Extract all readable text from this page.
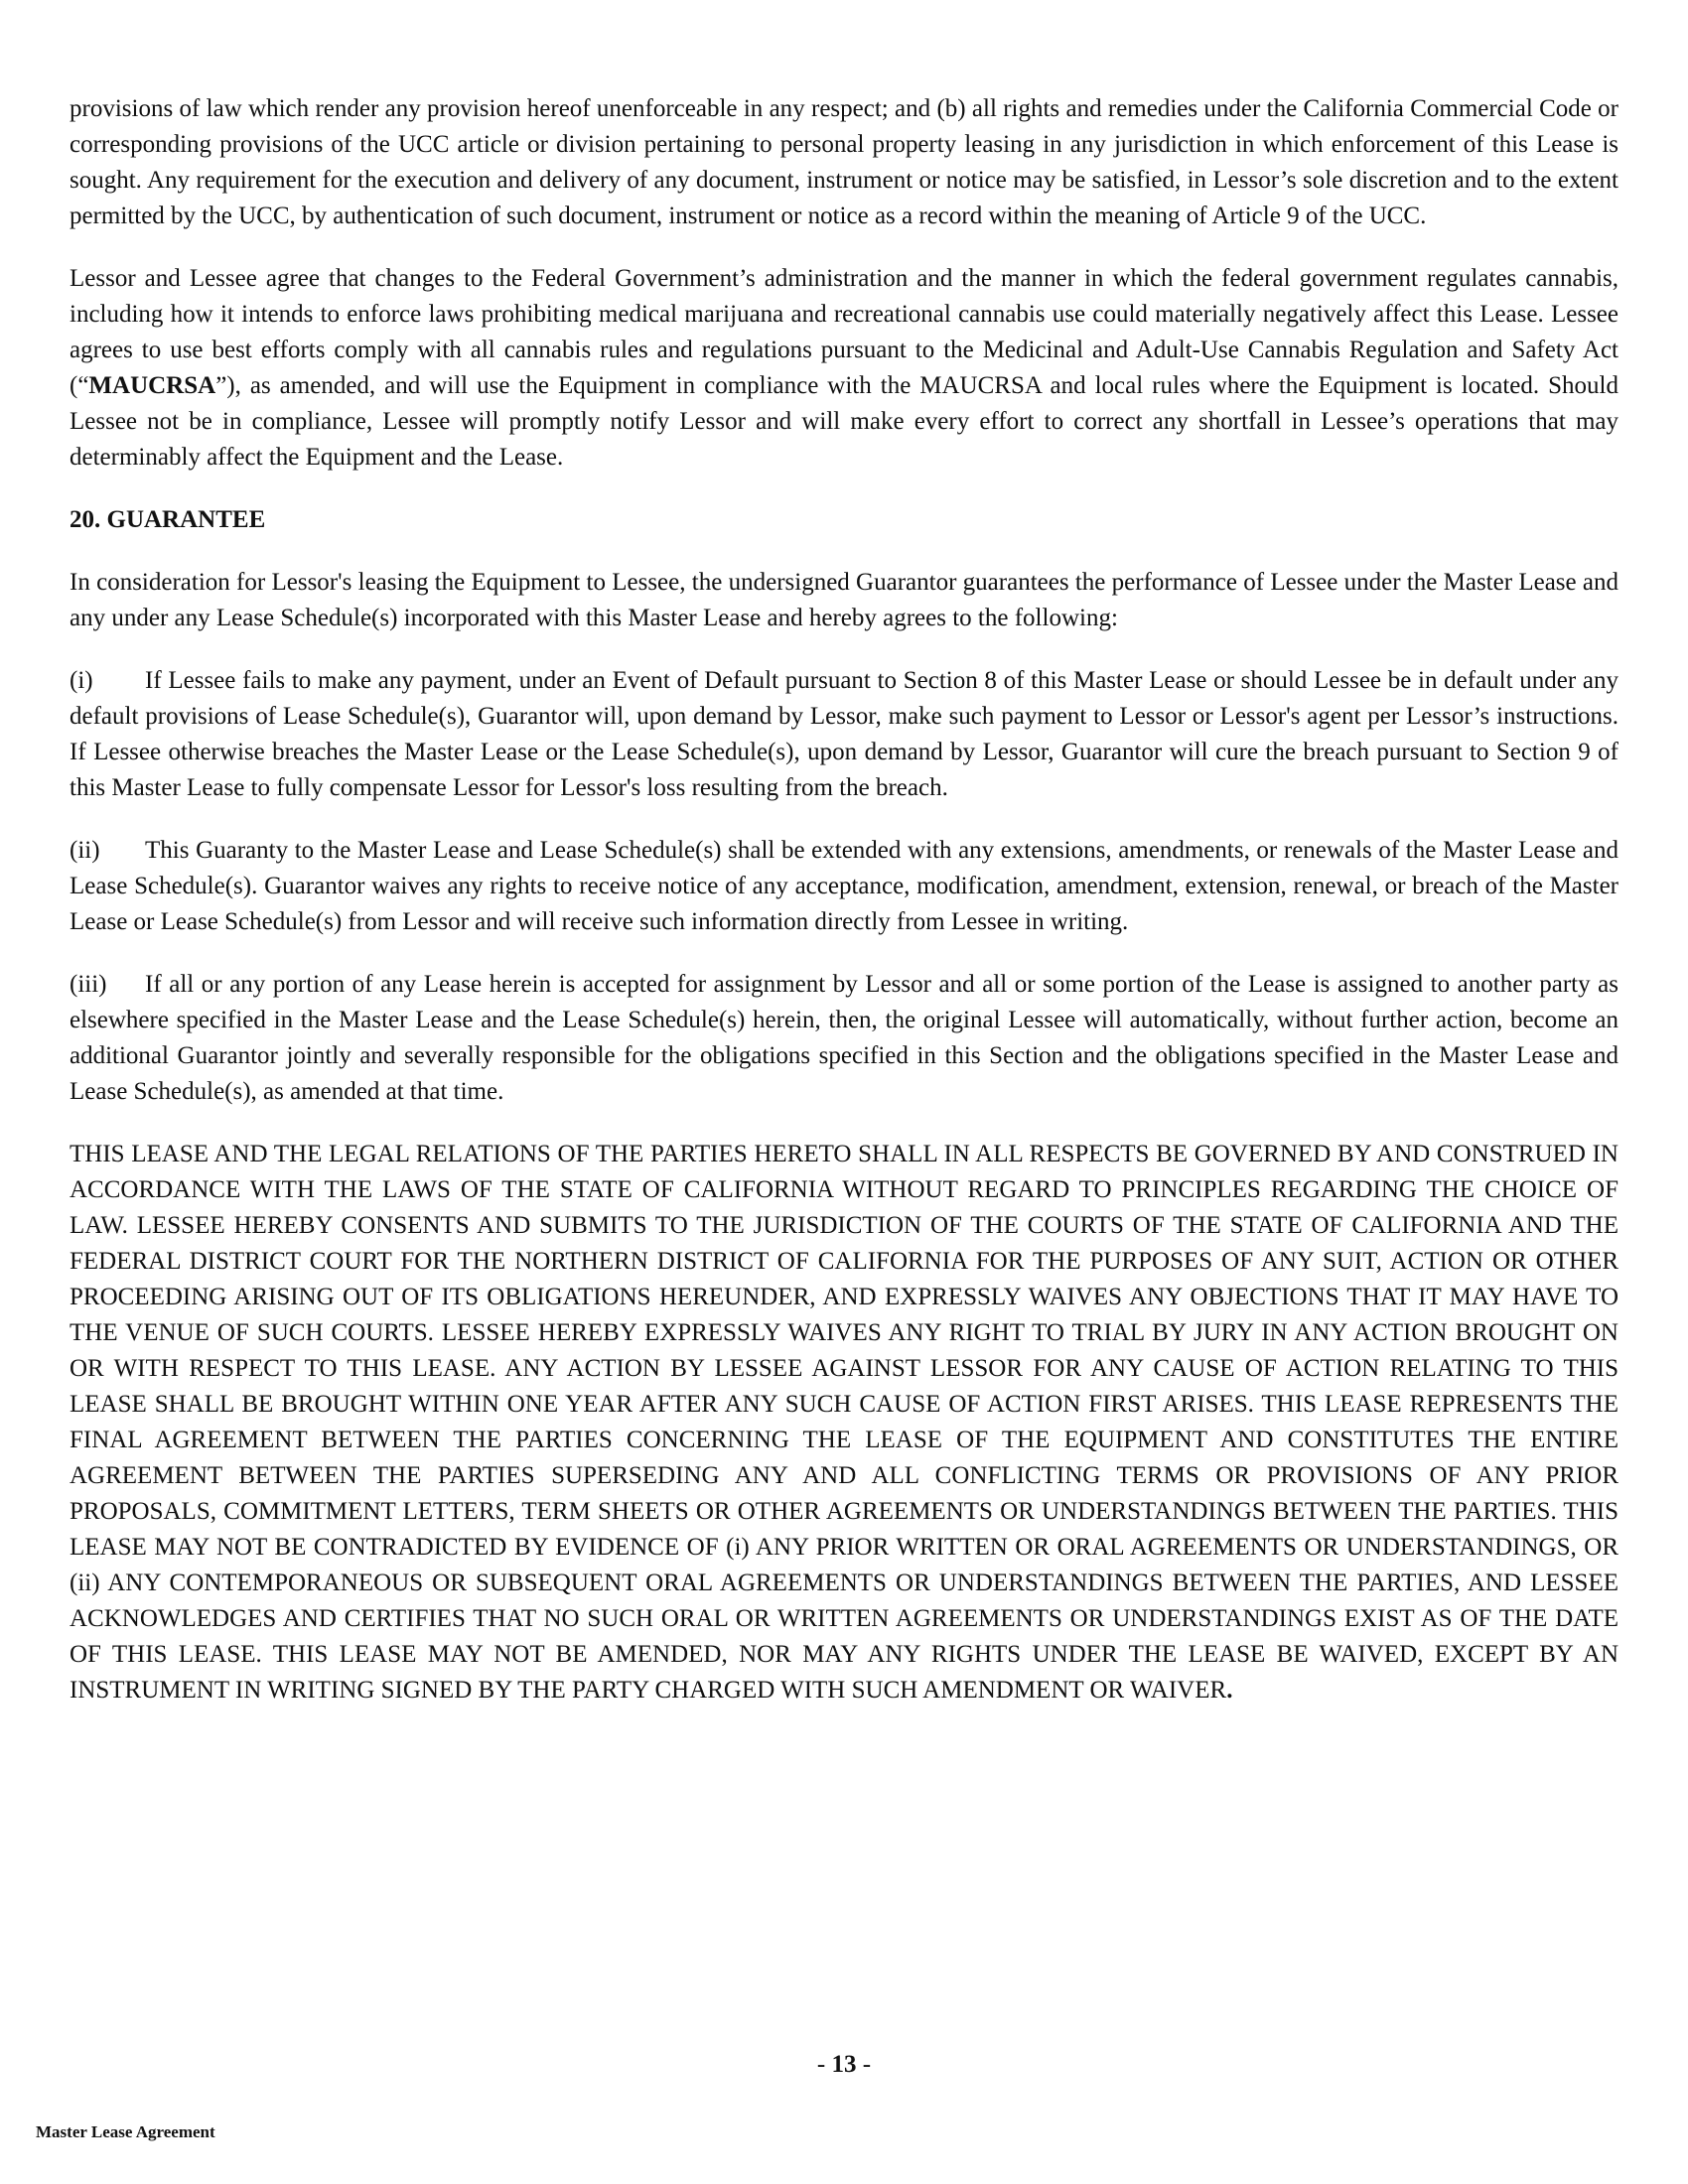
provisions of law which render any provision hereof unenforceable in any respect; and (b) all rights and remedies under the California Commercial Code or corresponding provisions of the UCC article or division pertaining to personal property leasing in any jurisdiction in which enforcement of this Lease is sought. Any requirement for the execution and delivery of any document, instrument or notice may be satisfied, in Lessor’s sole discretion and to the extent permitted by the UCC, by authentication of such document, instrument or notice as a record within the meaning of Article 9 of the UCC.

Lessor and Lessee agree that changes to the Federal Government’s administration and the manner in which the federal government regulates cannabis, including how it intends to enforce laws prohibiting medical marijuana and recreational cannabis use could materially negatively affect this Lease. Lessee agrees to use best efforts comply with all cannabis rules and regulations pursuant to the Medicinal and Adult-Use Cannabis Regulation and Safety Act (“MAUCRSA”), as amended, and will use the Equipment in compliance with the MAUCRSA and local rules where the Equipment is located. Should Lessee not be in compliance, Lessee will promptly notify Lessor and will make every effort to correct any shortfall in Lessee’s operations that may determinably affect the Equipment and the Lease.

20. GUARANTEE

In consideration for Lessor's leasing the Equipment to Lessee, the undersigned Guarantor guarantees the performance of Lessee under the Master Lease and any under any Lease Schedule(s) incorporated with this Master Lease and hereby agrees to the following:

(i) If Lessee fails to make any payment, under an Event of Default pursuant to Section 8 of this Master Lease or should Lessee be in default under any default provisions of Lease Schedule(s), Guarantor will, upon demand by Lessor, make such payment to Lessor or Lessor's agent per Lessor’s instructions. If Lessee otherwise breaches the Master Lease or the Lease Schedule(s), upon demand by Lessor, Guarantor will cure the breach pursuant to Section 9 of this Master Lease to fully compensate Lessor for Lessor's loss resulting from the breach.

(ii) This Guaranty to the Master Lease and Lease Schedule(s) shall be extended with any extensions, amendments, or renewals of the Master Lease and Lease Schedule(s). Guarantor waives any rights to receive notice of any acceptance, modification, amendment, extension, renewal, or breach of the Master Lease or Lease Schedule(s) from Lessor and will receive such information directly from Lessee in writing.

(iii) If all or any portion of any Lease herein is accepted for assignment by Lessor and all or some portion of the Lease is assigned to another party as elsewhere specified in the Master Lease and the Lease Schedule(s) herein, then, the original Lessee will automatically, without further action, become an additional Guarantor jointly and severally responsible for the obligations specified in this Section and the obligations specified in the Master Lease and Lease Schedule(s), as amended at that time.

THIS LEASE AND THE LEGAL RELATIONS OF THE PARTIES HERETO SHALL IN ALL RESPECTS BE GOVERNED BY AND CONSTRUED IN ACCORDANCE WITH THE LAWS OF THE STATE OF CALIFORNIA WITHOUT REGARD TO PRINCIPLES REGARDING THE CHOICE OF LAW. LESSEE HEREBY CONSENTS AND SUBMITS TO THE JURISDICTION OF THE COURTS OF THE STATE OF CALIFORNIA AND THE FEDERAL DISTRICT COURT FOR THE NORTHERN DISTRICT OF CALIFORNIA FOR THE PURPOSES OF ANY SUIT, ACTION OR OTHER PROCEEDING ARISING OUT OF ITS OBLIGATIONS HEREUNDER, AND EXPRESSLY WAIVES ANY OBJECTIONS THAT IT MAY HAVE TO THE VENUE OF SUCH COURTS. LESSEE HEREBY EXPRESSLY WAIVES ANY RIGHT TO TRIAL BY JURY IN ANY ACTION BROUGHT ON OR WITH RESPECT TO THIS LEASE. ANY ACTION BY LESSEE AGAINST LESSOR FOR ANY CAUSE OF ACTION RELATING TO THIS LEASE SHALL BE BROUGHT WITHIN ONE YEAR AFTER ANY SUCH CAUSE OF ACTION FIRST ARISES. THIS LEASE REPRESENTS THE FINAL AGREEMENT BETWEEN THE PARTIES CONCERNING THE LEASE OF THE EQUIPMENT AND CONSTITUTES THE ENTIRE AGREEMENT BETWEEN THE PARTIES SUPERSEDING ANY AND ALL CONFLICTING TERMS OR PROVISIONS OF ANY PRIOR PROPOSALS, COMMITMENT LETTERS, TERM SHEETS OR OTHER AGREEMENTS OR UNDERSTANDINGS BETWEEN THE PARTIES. THIS LEASE MAY NOT BE CONTRADICTED BY EVIDENCE OF (i) ANY PRIOR WRITTEN OR ORAL AGREEMENTS OR UNDERSTANDINGS, OR (ii) ANY CONTEMPORANEOUS OR SUBSEQUENT ORAL AGREEMENTS OR UNDERSTANDINGS BETWEEN THE PARTIES, AND LESSEE ACKNOWLEDGES AND CERTIFIES THAT NO SUCH ORAL OR WRITTEN AGREEMENTS OR UNDERSTANDINGS EXIST AS OF THE DATE OF THIS LEASE. THIS LEASE MAY NOT BE AMENDED, NOR MAY ANY RIGHTS UNDER THE LEASE BE WAIVED, EXCEPT BY AN INSTRUMENT IN WRITING SIGNED BY THE PARTY CHARGED WITH SUCH AMENDMENT OR WAIVER.

- 13 -
Master Lease Agreement
